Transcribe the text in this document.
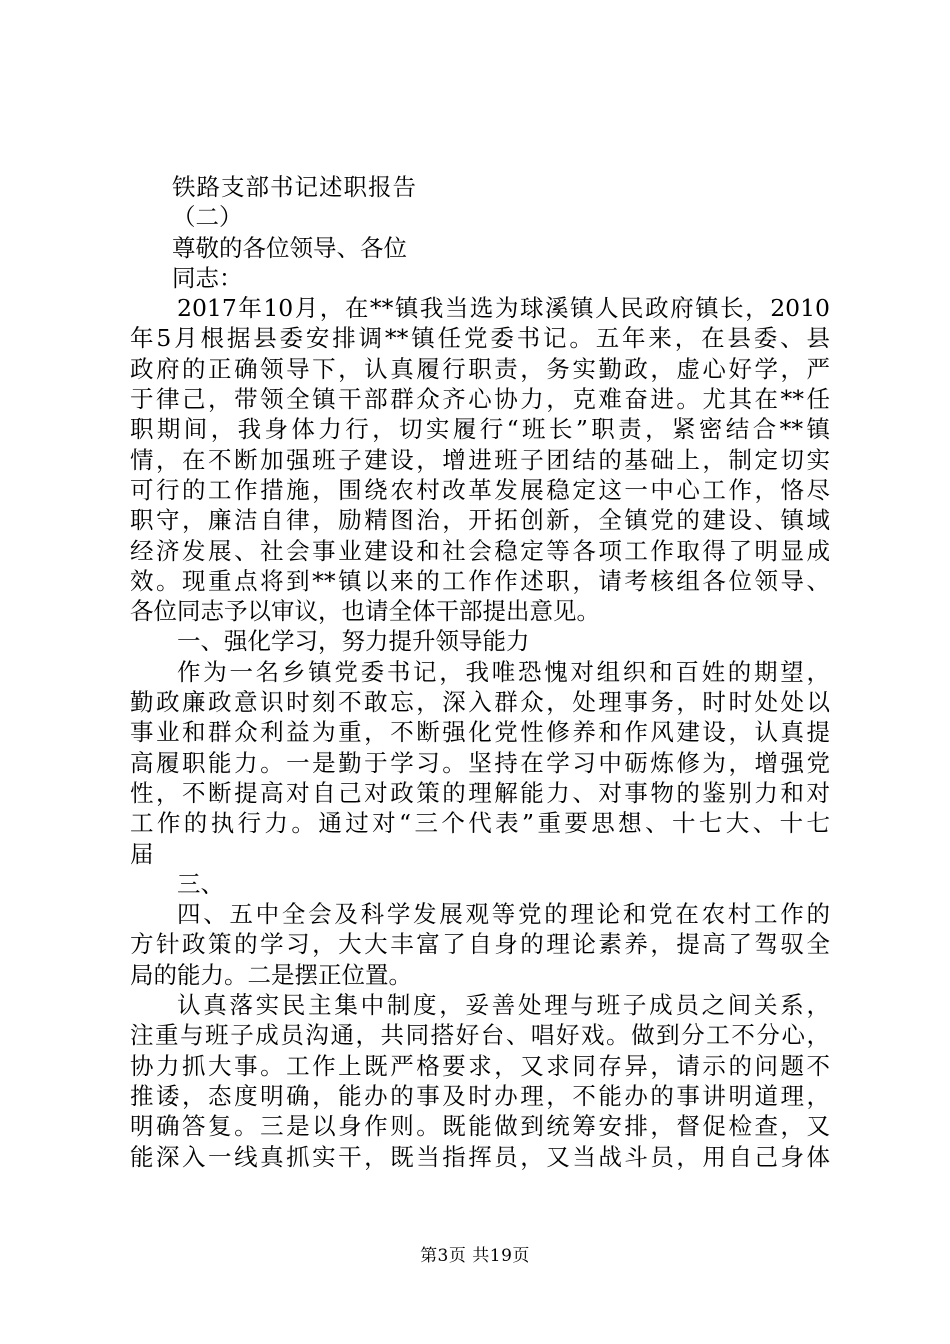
铁路支部书记述职报告
（二）
尊敬的各位领导、各位
同志：
2017年10月，在**镇我当选为球溪镇人民政府镇长，2010
年5月根据县委安排调**镇任党委书记。五年来，在县委、县
政府的正确领导下，认真履行职责，务实勤政，虚心好学，严
于律己，带领全镇干部群众齐心协力，克难奋进。尤其在**任
职期间，我身体力行，切实履行“班长”职责，紧密结合**镇
情，在不断加强班子建设，增进班子团结的基础上，制定切实
可行的工作措施，围绕农村改革发展稳定这一中心工作，恪尽
职守，廉洁自律，励精图治，开拓创新，全镇党的建设、镇域
经济发展、社会事业建设和社会稳定等各项工作取得了明显成
效。现重点将到**镇以来的工作作述职，请考核组各位领导、
各位同志予以审议，也请全体干部提出意见。
一、强化学习，努力提升领导能力
作为一名乡镇党委书记，我唯恐愧对组织和百姓的期望，
勤政廉政意识时刻不敢忘，深入群众，处理事务，时时处处以
事业和群众利益为重，不断强化党性修养和作风建设，认真提
高履职能力。一是勤于学习。坚持在学习中砺炼修为，增强党
性，不断提高对自己对政策的理解能力、对事物的鉴别力和对
工作的执行力。通过对“三个代表”重要思想、十七大、十七
届
三、
四、五中全会及科学发展观等党的理论和党在农村工作的
方针政策的学习，大大丰富了自身的理论素养，提高了驾驭全
局的能力。二是摆正位置。
认真落实民主集中制度，妥善处理与班子成员之间关系，
注重与班子成员沟通，共同搭好台、唱好戏。做到分工不分心，
协力抓大事。工作上既严格要求，又求同存异，请示的问题不
推诿，态度明确，能办的事及时办理，不能办的事讲明道理，
明确答复。三是以身作则。既能做到统筹安排，督促检查，又
能深入一线真抓实干，既当指挥员，又当战斗员，用自己身体
第3页 共19页
